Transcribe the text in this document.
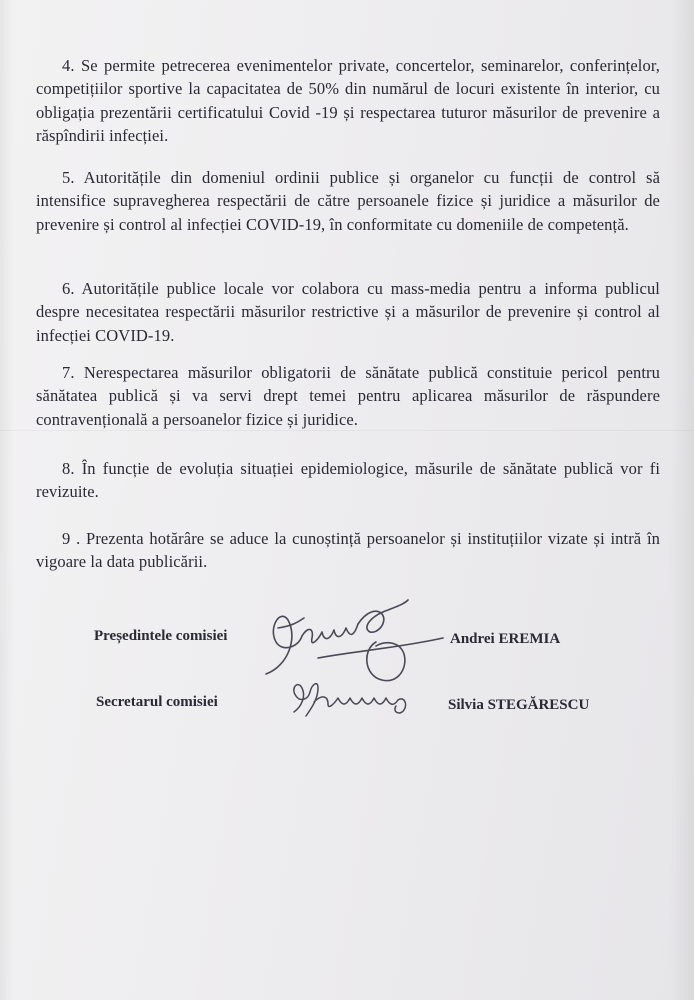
4. Se permite petrecerea evenimentelor private, concertelor, seminarelor, conferințelor, competițiilor sportive la capacitatea de 50% din numărul de locuri existente în interior, cu obligația prezentării certificatului Covid -19 și respectarea tuturor măsurilor de prevenire a răspîndirii infecției.

5. Autoritățile din domeniul ordinii publice și organelor cu funcții de control să intensifice supravegherea respectării de către persoanele fizice și juridice a măsurilor de prevenire și control al infecției COVID-19, în conformitate cu domeniile de competență.

6. Autoritățile publice locale vor colabora cu mass-media pentru a informa publicul despre necesitatea respectării măsurilor restrictive și a măsurilor de prevenire și control al infecției COVID-19.

7. Nerespectarea măsurilor obligatorii de sănătate publică constituie pericol pentru sănătatea publică și va servi drept temei pentru aplicarea măsurilor de răspundere contravențională a persoanelor fizice și juridice.

8. În funcție de evoluția situației epidemiologice, măsurile de sănătate publică vor fi revizuite.

9 . Prezenta hotărâre se aduce la cunoștință persoanelor și instituțiilor vizate și intră în vigoare la data publicării.

Președintele comisiei	Andrei EREMIA
Secretarul comisiei	Silvia STEGĂRESCU
